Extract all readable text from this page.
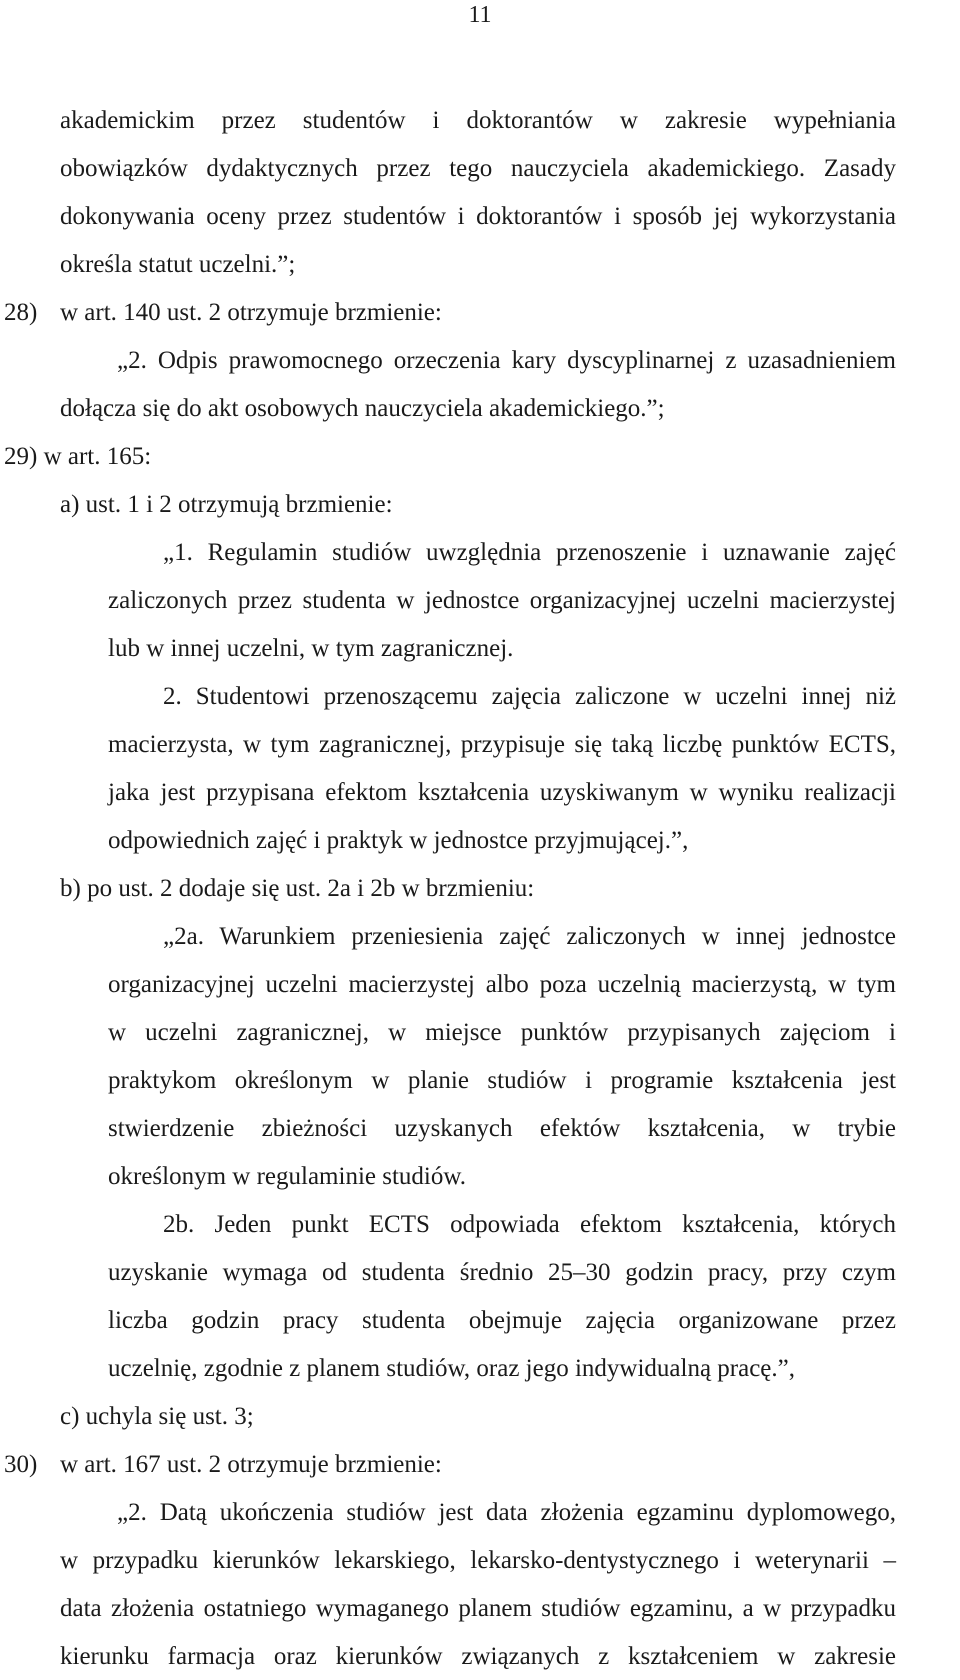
11
akademickim przez studentów i doktorantów w zakresie wypełniania
obowiązków dydaktycznych przez tego nauczyciela akademickiego. Zasady
dokonywania oceny przez studentów i doktorantów i sposób jej wykorzystania
określa statut uczelni.”;
28) w art. 140 ust. 2 otrzymuje brzmienie:
„2. Odpis prawomocnego orzeczenia kary dyscyplinarnej z uzasadnieniem
dołącza się do akt osobowych nauczyciela akademickiego.”;
29) w art. 165:
a) ust. 1 i 2 otrzymują brzmienie:
„1. Regulamin studiów uwzględnia przenoszenie i uznawanie zajęć
zaliczonych przez studenta w jednostce organizacyjnej uczelni macierzystej
lub w innej uczelni, w tym zagranicznej.
2. Studentowi przenoszącemu zajęcia zaliczone w uczelni innej niż
macierzysta, w tym zagranicznej, przypisuje się taką liczbę punktów ECTS,
jaka jest przypisana efektom kształcenia uzyskiwanym w wyniku realizacji
odpowiednich zajęć i praktyk w jednostce przyjmującej.”,
b) po ust. 2 dodaje się ust. 2a i 2b w brzmieniu:
„2a. Warunkiem przeniesienia zajęć zaliczonych w innej jednostce
organizacyjnej uczelni macierzystej albo poza uczelnią macierzystą, w tym
w uczelni zagranicznej, w miejsce punktów przypisanych zajęciom i
praktykom określonym w planie studiów i programie kształcenia jest
stwierdzenie zbieżności uzyskanych efektów kształcenia, w trybie
określonym w regulaminie studiów.
2b. Jeden punkt ECTS odpowiada efektom kształcenia, których
uzyskanie wymaga od studenta średnio 25–30 godzin pracy, przy czym
liczba godzin pracy studenta obejmuje zajęcia organizowane przez
uczelnię, zgodnie z planem studiów, oraz jego indywidualną pracę.”,
c) uchyla się ust. 3;
30) w art. 167 ust. 2 otrzymuje brzmienie:
„2. Datą ukończenia studiów jest data złożenia egzaminu dyplomowego,
w przypadku kierunków lekarskiego, lekarsko-dentystycznego i weterynarii –
data złożenia ostatniego wymaganego planem studiów egzaminu, a w przypadku
kierunku farmacja oraz kierunków związanych z kształceniem w zakresie
